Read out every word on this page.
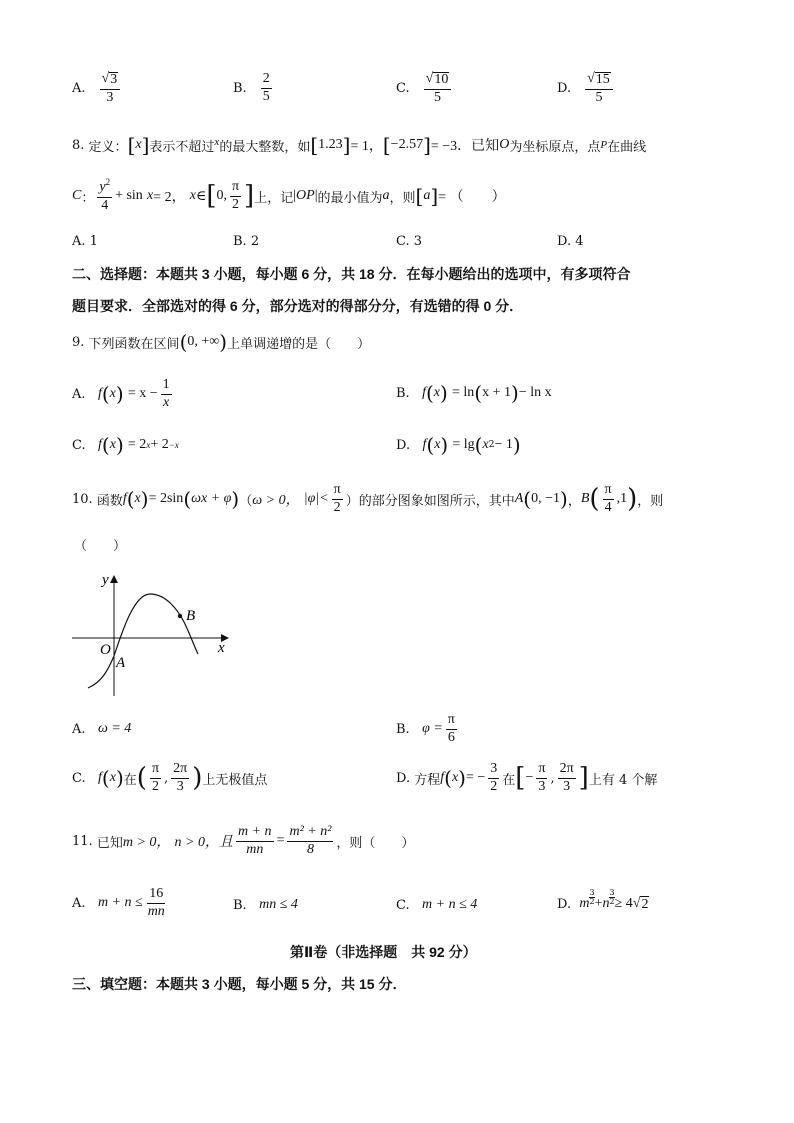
A. $\frac{√ 3}{3}$	B. $\frac{2}{5}$	C. $\frac{√ 10}{5}$	D. $\frac{√ 15}{5}$
8.
定义： [ x ] 表示不超过 x 的最大整数，如 [ 1.23 ] = 1， [ −2.57 ] = −3．已知 O 为坐标原点，点 P 在曲线
C ： $\frac{y^2}{4} + \sin$
x = 2，
x ∈ [ 0, $\frac{\pi}{2}$ ] 上，记 | OP | 的最小值为 a ，则 [ a ] = （　　）
A. 1	B. 2	C. 3	D. 4
二、选择题：本题共 3 小题，每小题 6 分，共 18 分．在每小题给出的选项中，有多项符合
题目要求．全部选对的得 6 分，部分选对的得部分分，有选错的得 0 分．
9.
下列函数在区间 ( 0, +∞ ) 上单调递增的是（　　）
A.
f ( x )
= $x - \frac{1}{x}$	B.
f ( x )
= ln ( x + 1 ) − ln x
C.
f ( x )
= 2 x + 2 −x	D.
f ( x )
= lg ( x 2 − 1 )
10.
函数 f ( x ) = 2sin ( ωx + φ ) （ ω > 0，
$|\varphi|< \frac{\pi}{2}$ ）的部分图象如图所示，其中 A ( 0, −1 ) ， B ( $\frac{\pi}{4} ,1$ ) ，则
（　　）
y
x
O
A
B
A.
ω = 4	B.
$\varphi = \frac{\pi}{6}$
C.
f ( x ) 在 ( $\frac{\pi}{2}$ , $\frac{2\pi}{3}$ ) 上无极值点	D.
方程 f ( x ) = − $\frac{3}{2}$ 在 [ − $\frac{\pi}{3}$ , $\frac{2\pi}{3}$ ] 上有 4 个解
11.
已知 m > 0，
n > 0，且 $\frac{m + n}{mn} = \frac{\text{m² + n²}}{8}$ ，则（　　）
A.
$m + n \le \frac{16}{mn}$	B.
mn ≤ 4	C.
m + n ≤ 4	D.
m
3
2 + n $\frac{3}{2} \ge 4$ √ 2
第Ⅱ卷（非选择题　共 92 分）
三、填空题：本题共 3 小题，每小题 5 分，共 15 分．
